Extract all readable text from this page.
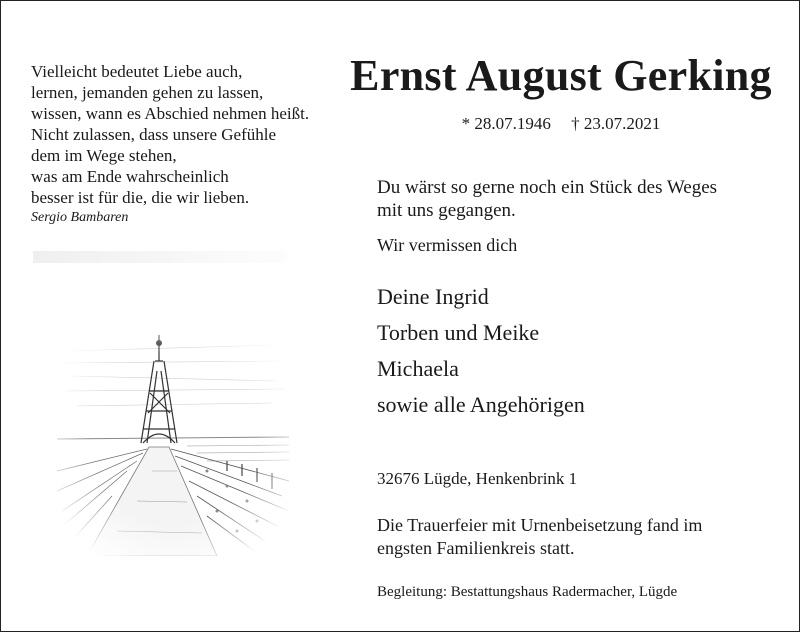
Vielleicht bedeutet Liebe auch,
lernen, jemanden gehen zu lassen,
wissen, wann es Abschied nehmen heißt.
Nicht zulassen, dass unsere Gefühle
dem im Wege stehen,
was am Ende wahrscheinlich
besser ist für die, die wir lieben.
Sergio Bambaren
Ernst August Gerking
* 28.07.1946 † 23.07.2021
Du wärst so gerne noch ein Stück des Weges
mit uns gegangen.
Wir vermissen dich
Deine Ingrid
Torben und Meike
Michaela
sowie alle Angehörigen
32676 Lügde, Henkenbrink 1
Die Trauerfeier mit Urnenbeisetzung fand im
engsten Familienkreis statt.
Begleitung: Bestattungshaus Radermacher, Lügde
